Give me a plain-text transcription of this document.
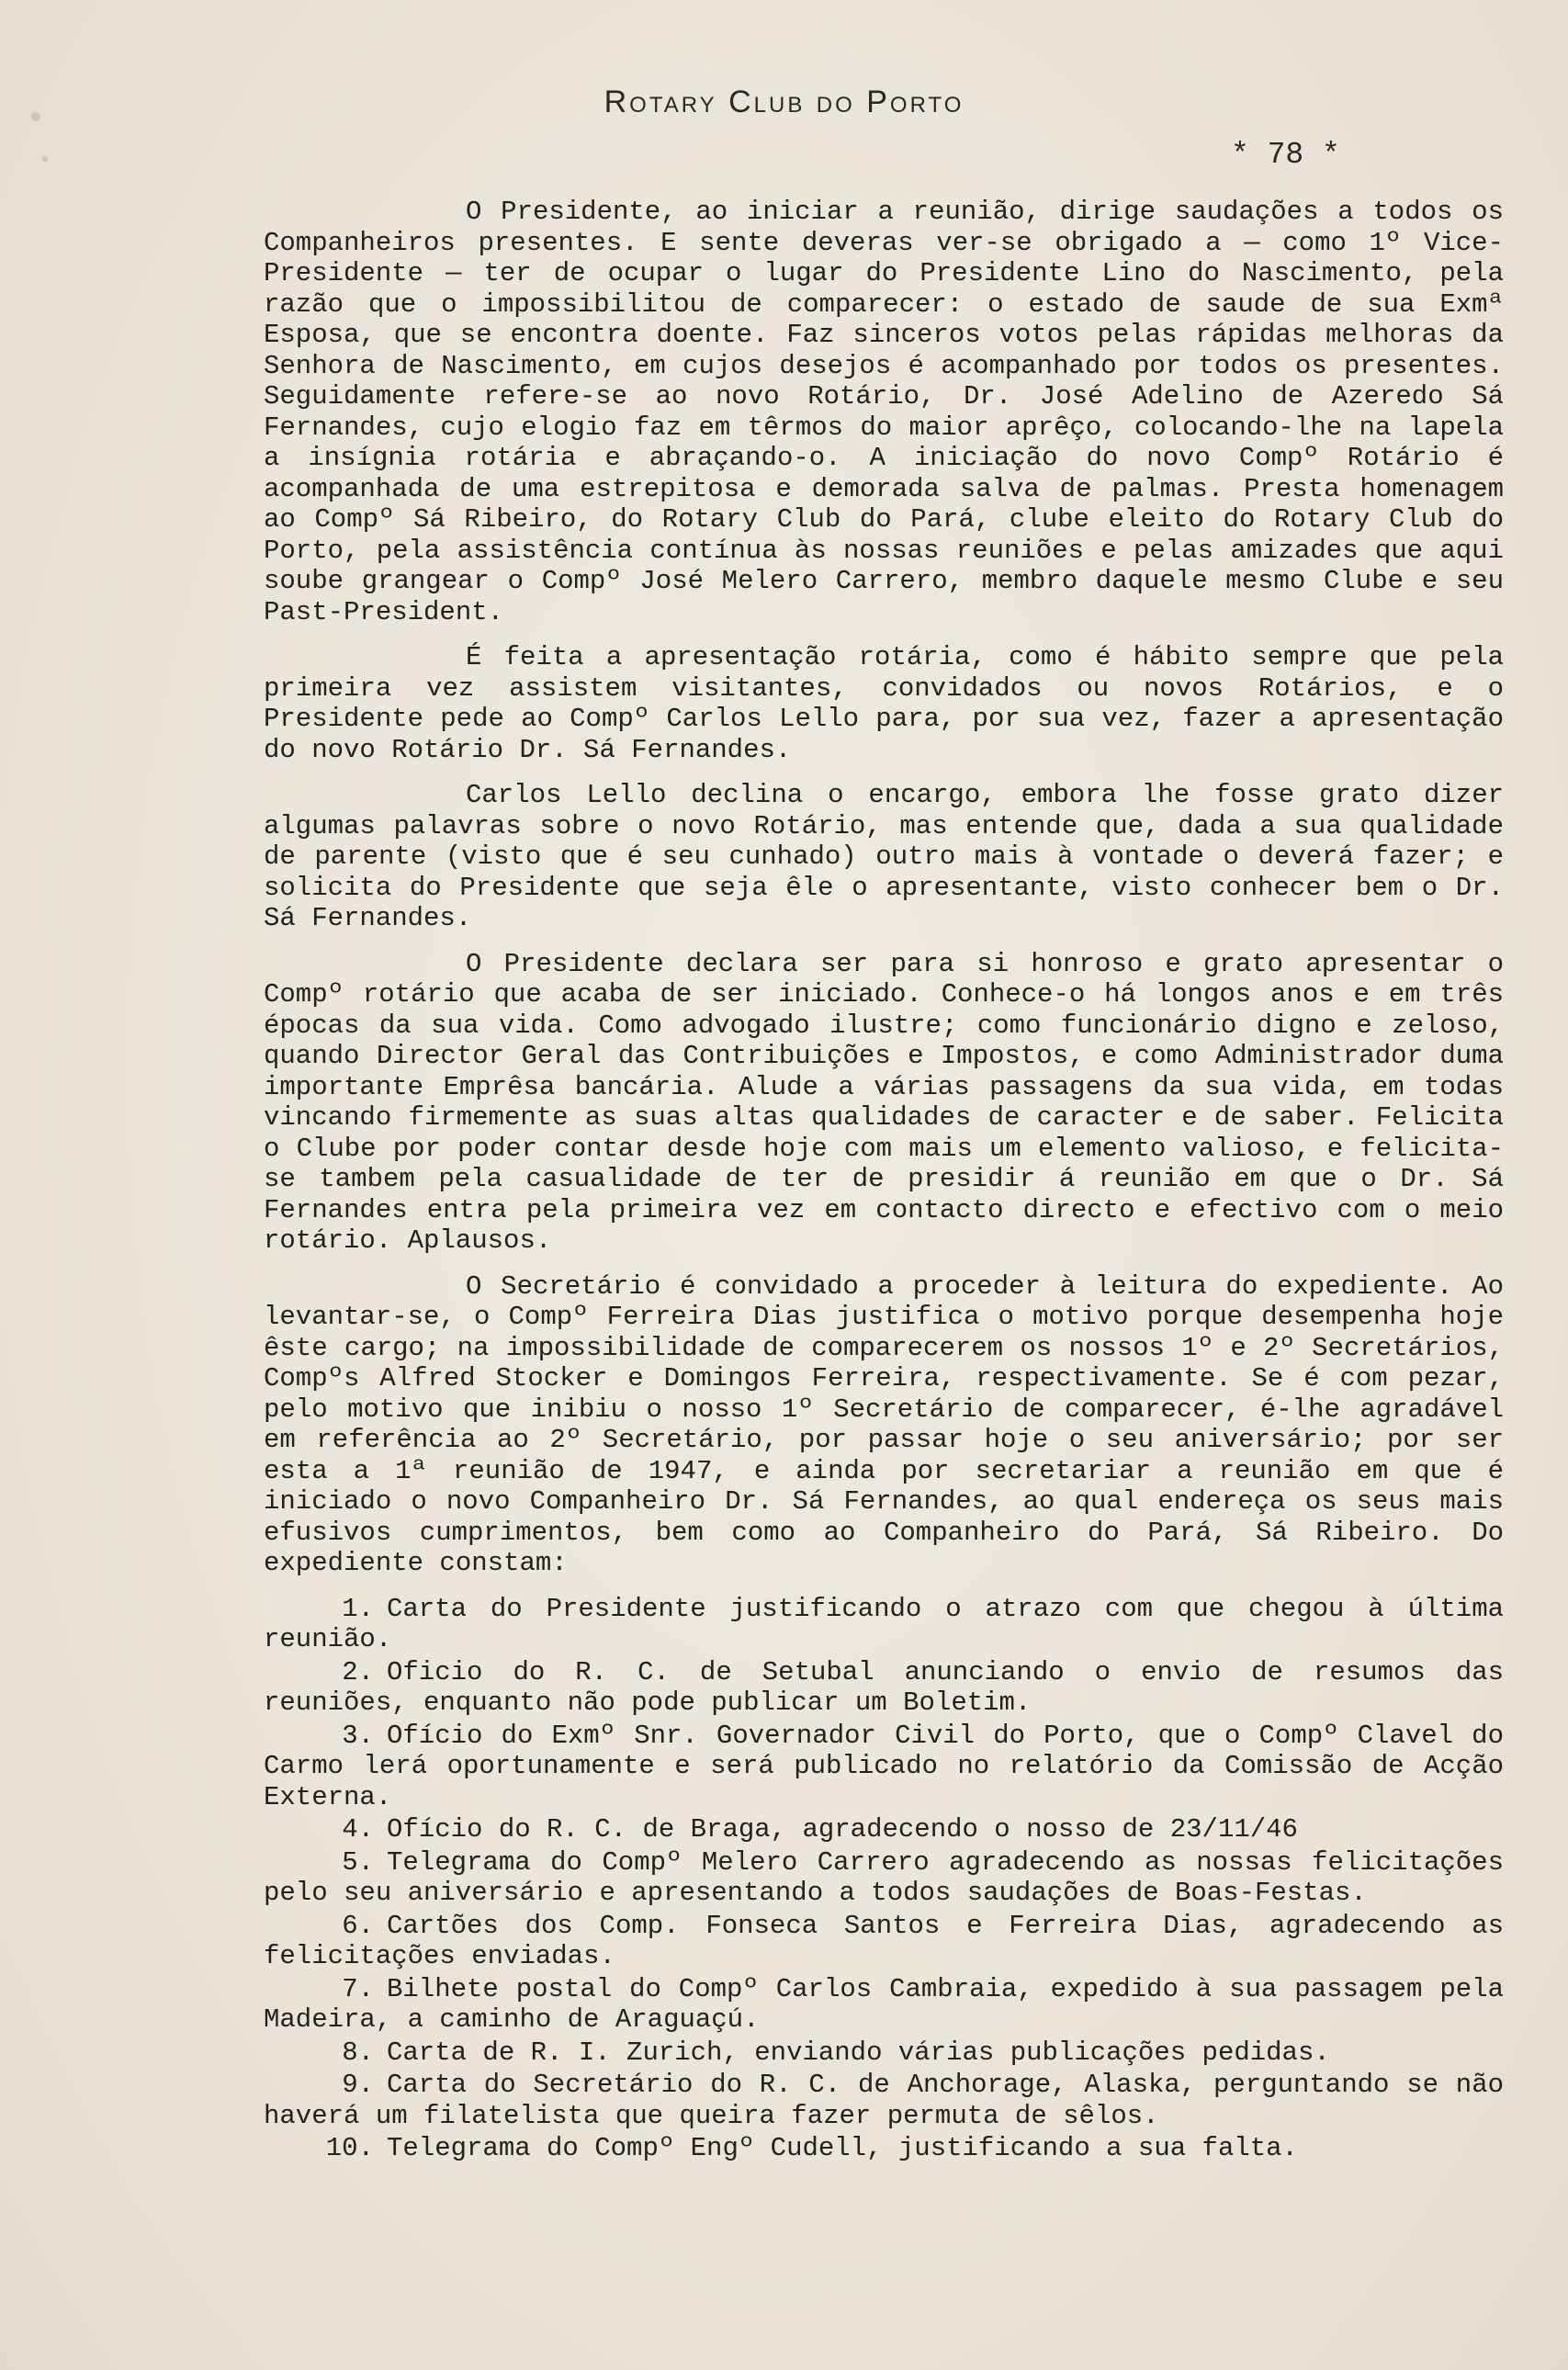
Rotary Club do Porto
* 78 *

O Presidente, ao iniciar a reunião, dirige saudações a todos os Companheiros presentes. E sente deveras ver-se obrigado a — como 1º Vice-Presidente — ter de ocupar o lugar do Presidente Lino do Nascimento, pela razão que o impossibilitou de comparecer: o estado de saude de sua Exmª Esposa, que se encontra doente. Faz sinceros votos pelas rápidas melhoras da Senhora de Nascimento, em cujos desejos é acompanhado por todos os presentes. Seguidamente refere-se ao novo Rotário, Dr. José Adelino de Azeredo Sá Fernandes, cujo elogio faz em têrmos do maior aprêço, colocando-lhe na lapela a insígnia rotária e abraçando-o. A iniciação do novo Compº Rotário é acompanhada de uma estrepitosa e demorada salva de palmas. Presta homenagem ao Compº Sá Ribeiro, do Rotary Club do Pará, clube eleito do Rotary Club do Porto, pela assistência contínua às nossas reuniões e pelas amizades que aqui soube grangear o Compº José Melero Carrero, membro daquele mesmo Clube e seu Past-President.

É feita a apresentação rotária, como é hábito sempre que pela primeira vez assistem visitantes, convidados ou novos Rotários, e o Presidente pede ao Compº Carlos Lello para, por sua vez, fazer a apresentação do novo Rotário Dr. Sá Fernandes.

Carlos Lello declina o encargo, embora lhe fosse grato dizer algumas palavras sobre o novo Rotário, mas entende que, dada a sua qualidade de parente (visto que é seu cunhado) outro mais à vontade o deverá fazer; e solicita do Presidente que seja êle o apresentante, visto conhecer bem o Dr. Sá Fernandes.

O Presidente declara ser para si honroso e grato apresentar o Compº rotário que acaba de ser iniciado. Conhece-o há longos anos e em três épocas da sua vida. Como advogado ilustre; como funcionário digno e zeloso, quando Director Geral das Contribuições e Impostos, e como Administrador duma importante Emprêsa bancária. Alude a várias passagens da sua vida, em todas vincando firmemente as suas altas qualidades de caracter e de saber. Felicita o Clube por poder contar desde hoje com mais um elemento valioso, e felicita-se tambem pela casualidade de ter de presidir á reunião em que o Dr. Sá Fernandes entra pela primeira vez em contacto directo e efectivo com o meio rotário. Aplausos.

O Secretário é convidado a proceder à leitura do expediente. Ao levantar-se, o Compº Ferreira Dias justifica o motivo porque desempenha hoje êste cargo; na impossibilidade de comparecerem os nossos 1º e 2º Secretários, Compºs Alfred Stocker e Domingos Ferreira, respectivamente. Se é com pezar, pelo motivo que inibiu o nosso 1º Secretário de comparecer, é-lhe agradável em referência ao 2º Secretário, por passar hoje o seu aniversário; por ser esta a 1ª reunião de 1947, e ainda por secretariar a reunião em que é iniciado o novo Companheiro Dr. Sá Fernandes, ao qual endereça os seus mais efusivos cumprimentos, bem como ao Companheiro do Pará, Sá Ribeiro. Do expediente constam:

1. Carta do Presidente justificando o atrazo com que chegou à última reunião.
2. Oficio do R. C. de Setubal anunciando o envio de resumos das reuniões, enquanto não pode publicar um Boletim.
3. Ofício do Exmº Snr. Governador Civil do Porto, que o Compº Clavel do Carmo lerá oportunamente e será publicado no relatório da Comissão de Acção Externa.
4. Ofício do R. C. de Braga, agradecendo o nosso de 23/11/46
5. Telegrama do Compº Melero Carrero agradecendo as nossas felicitações pelo seu aniversário e apresentando a todos saudações de Boas-Festas.
6. Cartões dos Comp. Fonseca Santos e Ferreira Dias, agradecendo as felicitações enviadas.
7. Bilhete postal do Compº Carlos Cambraia, expedido à sua passagem pela Madeira, a caminho de Araguaçú.
8. Carta de R. I. Zurich, enviando várias publicações pedidas.
9. Carta do Secretário do R. C. de Anchorage, Alaska, perguntando se não haverá um filatelista que queira fazer permuta de sêlos.
10. Telegrama do Compº Engº Cudell, justificando a sua falta.
